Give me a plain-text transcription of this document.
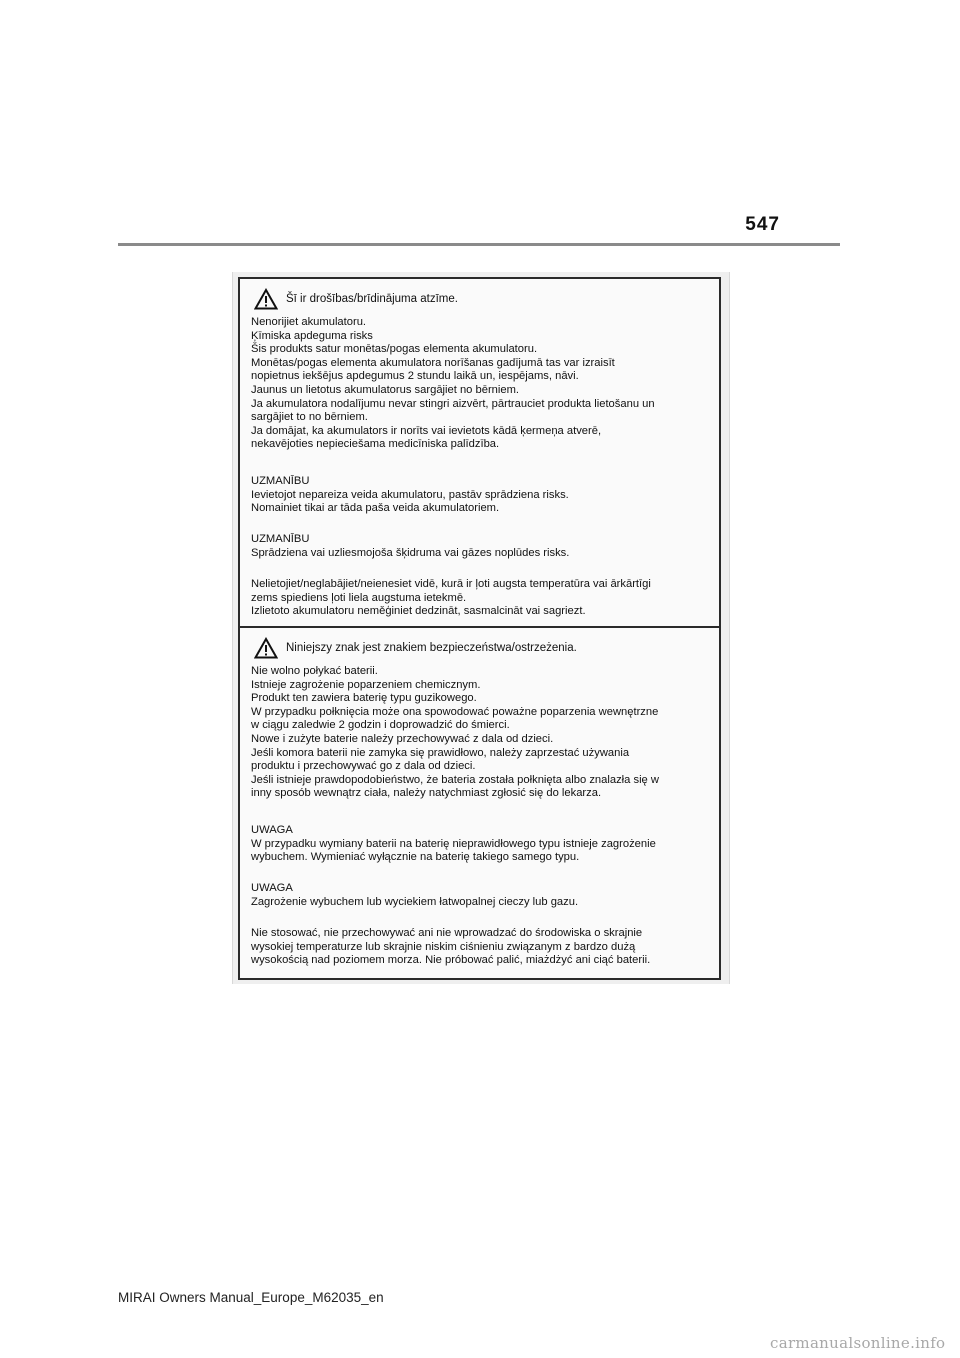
547
Šī ir drošības/brīdinājuma atzīme.
Nenorijiet akumulatoru.
Ķīmiska apdeguma risks
Šis produkts satur monētas/pogas elementa akumulatoru.
Monētas/pogas elementa akumulatora norīšanas gadījumā tas var izraisīt
nopietnus iekšējus apdegumus 2 stundu laikā un, iespējams, nāvi.
Jaunus un lietotus akumulatorus sargājiet no bērniem.
Ja akumulatora nodalījumu nevar stingri aizvērt, pārtrauciet produkta lietošanu un
sargājiet to no bērniem.
Ja domājat, ka akumulators ir norīts vai ievietots kādā ķermeņa atverē,
nekavējoties nepieciešama medicīniska palīdzība.
UZMANĪBU
Ievietojot nepareiza veida akumulatoru, pastāv sprādziena risks.
Nomainiet tikai ar tāda paša veida akumulatoriem.
UZMANĪBU
Sprādziena vai uzliesmojoša šķidruma vai gāzes noplūdes risks.
Nelietojiet/neglabājiet/neienesiet vidē, kurā ir ļoti augsta temperatūra vai ārkārtīgi
zems spiediens ļoti liela augstuma ietekmē.
Izlietoto akumulatoru neměģiniet dedzināt, sasmalcināt vai sagriezt.
Niniejszy znak jest znakiem bezpieczeństwa/ostrzeżenia.
Nie wolno połykać baterii.
Istnieje zagrożenie poparzeniem chemicznym.
Produkt ten zawiera baterię typu guzikowego.
W przypadku połknięcia może ona spowodować poważne poparzenia wewnętrzne
w ciągu zaledwie 2 godzin i doprowadzić do śmierci.
Nowe i zużyte baterie należy przechowywać z dala od dzieci.
Jeśli komora baterii nie zamyka się prawidłowo, należy zaprzestać używania
produktu i przechowywać go z dala od dzieci.
Jeśli istnieje prawdopodobieństwo, że bateria została połknięta albo znalazła się w
inny sposób wewnątrz ciała, należy natychmiast zgłosić się do lekarza.
UWAGA
W przypadku wymiany baterii na baterię nieprawidłowego typu istnieje zagrożenie
wybuchem. Wymieniać wyłącznie na baterię takiego samego typu.
UWAGA
Zagrożenie wybuchem lub wyciekiem łatwopalnej cieczy lub gazu.
Nie stosować, nie przechowywać ani nie wprowadzać do środowiska o skrajnie
wysokiej temperaturze lub skrajnie niskim ciśnieniu związanym z bardzo dużą
wysokością nad poziomem morza. Nie próbować palić, miażdżyć ani ciąć baterii.
MIRAI Owners Manual_Europe_M62035_en
carmanualsonline.info
